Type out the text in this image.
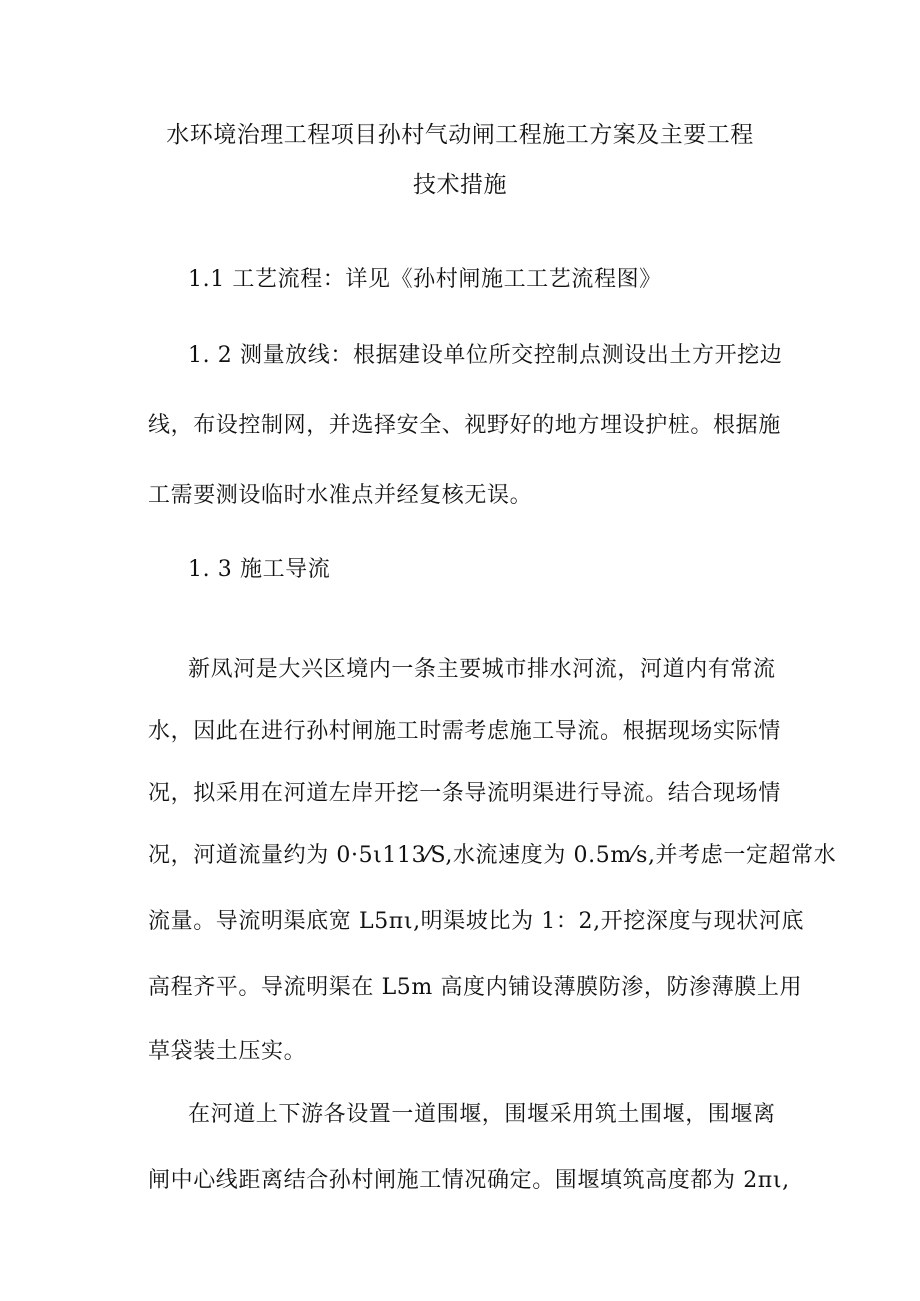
水环境治理工程项目孙村气动闸工程施工方案及主要工程
技术措施
1.1 工艺流程：详见《孙村闸施工工艺流程图》
1. 2 测量放线：根据建设单位所交控制点测设出土方开挖边
线，布设控制网，并选择安全、视野好的地方埋设护桩。根据施
工需要测设临时水准点并经复核无误。
1. 3 施工导流
新凤河是大兴区境内一条主要城市排水河流，河道内有常流
水，因此在进行孙村闸施工时需考虑施工导流。根据现场实际情
况，拟采用在河道左岸开挖一条导流明渠进行导流。结合现场情
况，河道流量约为 0·5ι113⁄S,水流速度为 0.5m⁄s,并考虑一定超常水
流量。导流明渠底宽 L5πι,明渠坡比为 1：2,开挖深度与现状河底
高程齐平。导流明渠在 L5m 高度内铺设薄膜防渗，防渗薄膜上用
草袋装土压实。
在河道上下游各设置一道围堰，围堰采用筑土围堰，围堰离
闸中心线距离结合孙村闸施工情况确定。围堰填筑高度都为 2πι,
